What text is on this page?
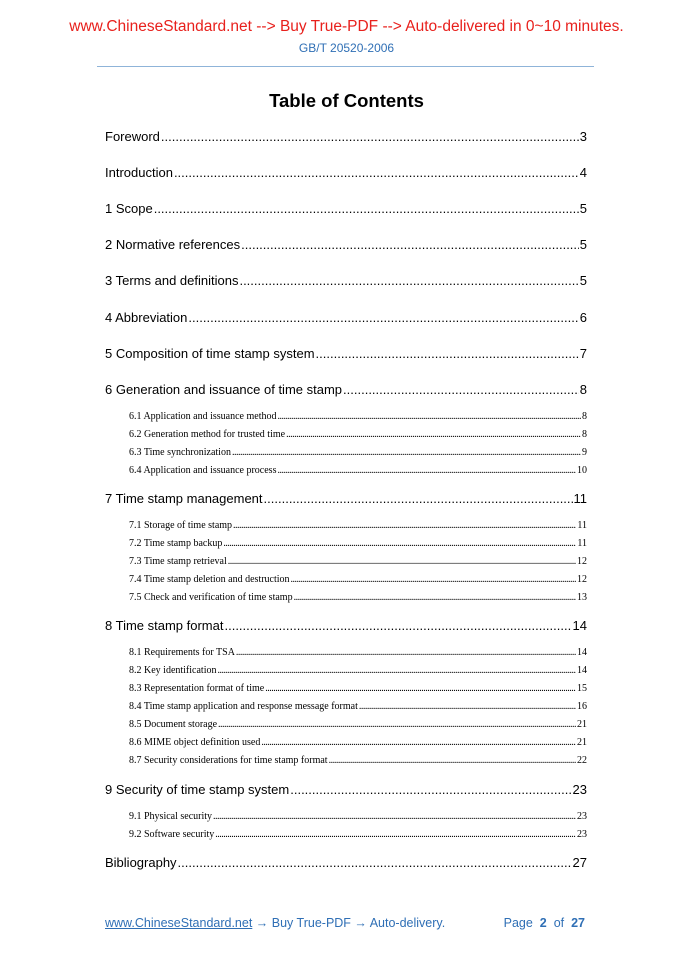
www.ChineseStandard.net --> Buy True-PDF --> Auto-delivered in 0~10 minutes.
GB/T 20520-2006
Table of Contents
Foreword .....	3
Introduction .....	4
1 Scope .....	5
2 Normative references .....	5
3 Terms and definitions .....	5
4 Abbreviation .....	6
5 Composition of time stamp system .....	7
6 Generation and issuance of time stamp .....	8
6.1 Application and issuance method .....	8
6.2 Generation method for trusted time .....	8
6.3 Time synchronization .....	9
6.4 Application and issuance process .....	10
7 Time stamp management .....	11
7.1 Storage of time stamp .....	11
7.2 Time stamp backup .....	11
7.3 Time stamp retrieval .....	12
7.4 Time stamp deletion and destruction .....	12
7.5 Check and verification of time stamp .....	13
8 Time stamp format .....	14
8.1 Requirements for TSA .....	14
8.2 Key identification .....	14
8.3 Representation format of time .....	15
8.4 Time stamp application and response message format .....	16
8.5 Document storage .....	21
8.6 MIME object definition used .....	21
8.7 Security considerations for time stamp format .....	22
9 Security of time stamp system .....	23
9.1 Physical security .....	23
9.2 Software security .....	23
Bibliography .....	27
www.ChineseStandard.net → Buy True-PDF → Auto-delivery.	Page 2 of 27
